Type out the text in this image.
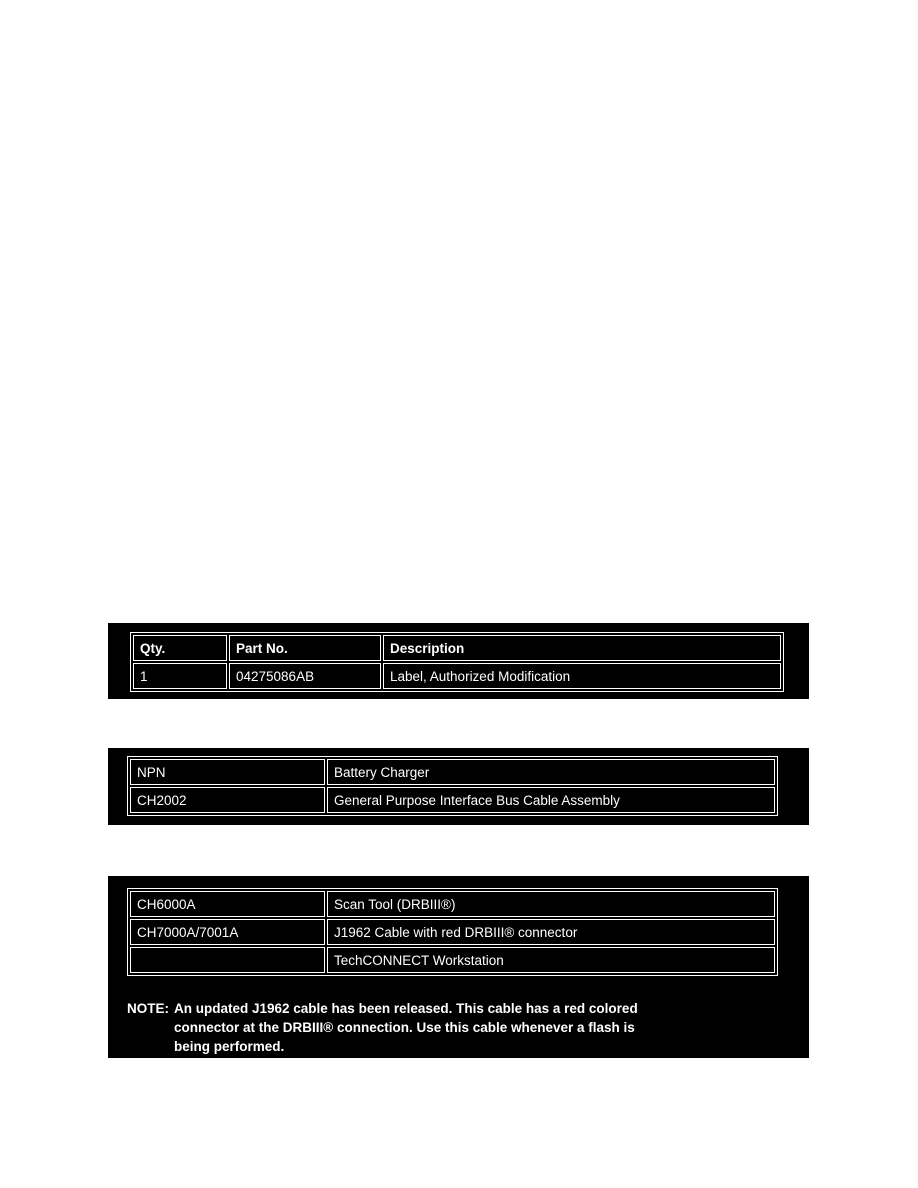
Qty.	Part No.	Description
1	04275086AB	Label, Authorized Modification
NPN	Battery Charger
CH2002	General Purpose Interface Bus Cable Assembly
CH6000A	Scan Tool (DRBIII®)
CH7000A/7001A	J1962 Cable with red DRBIII® connector
	TechCONNECT Workstation
NOTE: An updated J1962 cable has been released. This cable has a red colored
connector at the DRBIII® connection. Use this cable whenever a flash is
being performed.
